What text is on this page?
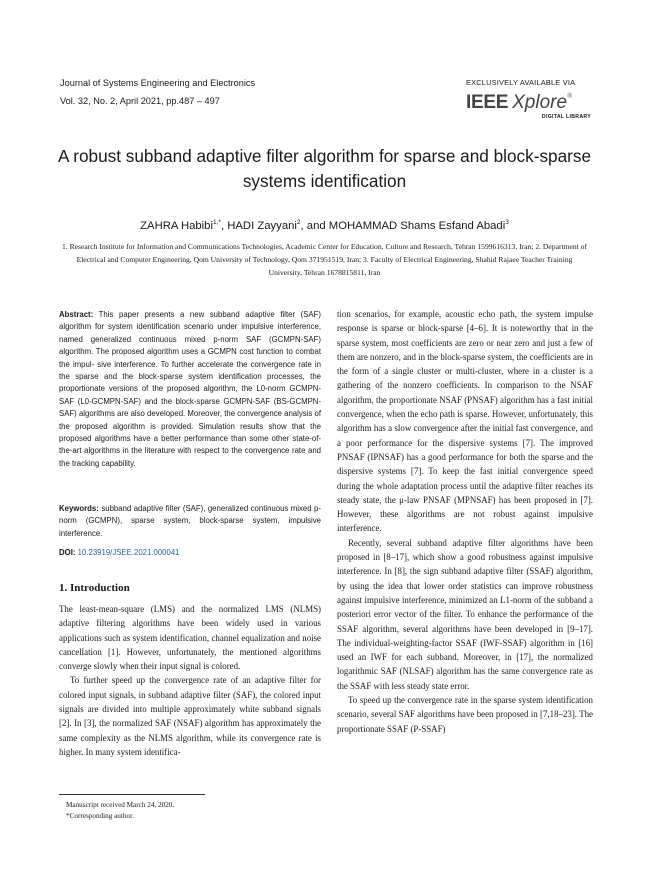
Journal of Systems Engineering and Electronics
Vol. 32, No. 2, April 2021, pp.487 – 497
EXCLUSIVELY AVAILABLE VIA
IEEE Xplore®
DIGITAL LIBRARY
A robust subband adaptive filter algorithm for sparse and block-sparse systems identification
ZAHRA Habibi$^{1,*}$, HADI Zayyani$^2$, and MOHAMMAD Shams Esfand Abadi$^3$
1. Research Institute for Information and Communications Technologies, Academic Center for Education, Culture and Research, Tehran 1599616313, Iran; 2. Department of Electrical and Computer Engineering, Qom University of Technology, Qom 371951519, Iran; 3. Faculty of Electrical Engineering, Shahid Rajaee Teacher Training University, Tehran 1678815811, Iran
Abstract: This paper presents a new subband adaptive filter (SAF) algorithm for system identification scenario under impulsive interference, named generalized continuous mixed p-norm SAF (GCMPN-SAF) algorithm. The proposed algorithm uses a GCMPN cost function to combat the impul- sive interference. To further accelerate the convergence rate in the sparse and the block-sparse system identification processes, the proportionate versions of the proposed algorithm, the L0-norm GCMPN-SAF (L0-GCMPN-SAF) and the block-sparse GCMPN-SAF (BS-GCMPN-SAF) algorithms are also developed. Moreover, the convergence analysis of the proposed algorithm is provided. Simulation results show that the proposed algorithms have a better performance than some other state-of-the-art algorithms in the literature with respect to the convergence rate and the tracking capability.
Keywords: subband adaptive filter (SAF), generalized continuous mixed p-norm (GCMPN), sparse system, block-sparse system, impulsive interference.
DOI: 10.23919/JSEE.2021.000041
1. Introduction

The least-mean-square (LMS) and the normalized LMS (NLMS) adaptive filtering algorithms have been widely used in various applications such as system identification, channel equalization and noise cancellation [1]. However, unfortunately, the mentioned algorithms converge slowly when their input signal is colored.

To further speed up the convergence rate of an adaptive filter for colored input signals, in subband adaptive filter (SAF), the colored input signals are divided into multiple approximately white subband signals [2]. In [3], the normalized SAF (NSAF) algorithm has approximately the same complexity as the NLMS algorithm, while its convergence rate is higher. In many system identifica-

Manuscript received March 24, 2020.
*Corresponding author.

tion scenarios, for example, acoustic echo path, the system impulse response is sparse or block-sparse [4–6]. It is noteworthy that in the sparse system, most coefficients are zero or near zero and just a few of them are nonzero, and in the block-sparse system, the coefficients are in the form of a single cluster or multi-cluster, where in a cluster is a gathering of the nonzero coefficients. In comparison to the NSAF algorithm, the proportionate NSAF (PNSAF) algorithm has a fast initial convergence, when the echo path is sparse. However, unfortunately, this algorithm has a slow convergence after the initial fast convergence, and a poor performance for the dispersive systems [7]. The improved PNSAF (IPNSAF) has a good performance for both the sparse and the dispersive systems [7]. To keep the fast initial convergence speed during the whole adaptation process until the adaptive filter reaches its steady state, the μ-law PNSAF (MPNSAF) has been proposed in [7]. However, these algorithms are not robust against impulsive interference.

Recently, several subband adaptive filter algorithms have been proposed in [8–17], which show a good robustness against impulsive interference. In [8], the sign subband adaptive filter (SSAF) algorithm, by using the idea that lower order statistics can improve robustness against impulsive interference, minimized an L1-norm of the subband a posteriori error vector of the filter. To enhance the performance of the SSAF algorithm, several algorithms have been developed in [9–17]. The individual-weighting-factor SSAF (IWF-SSAF) algorithm in [16] used an IWF for each subband. Moreover, in [17], the normalized logarithmic SAF (NLSAF) algorithm has the same convergence rate as the SSAF with less steady state error.

To speed up the convergence rate in the sparse system identification scenario, several SAF algorithms have been proposed in [7,18–23]. The proportionate SSAF (P-SSAF)
